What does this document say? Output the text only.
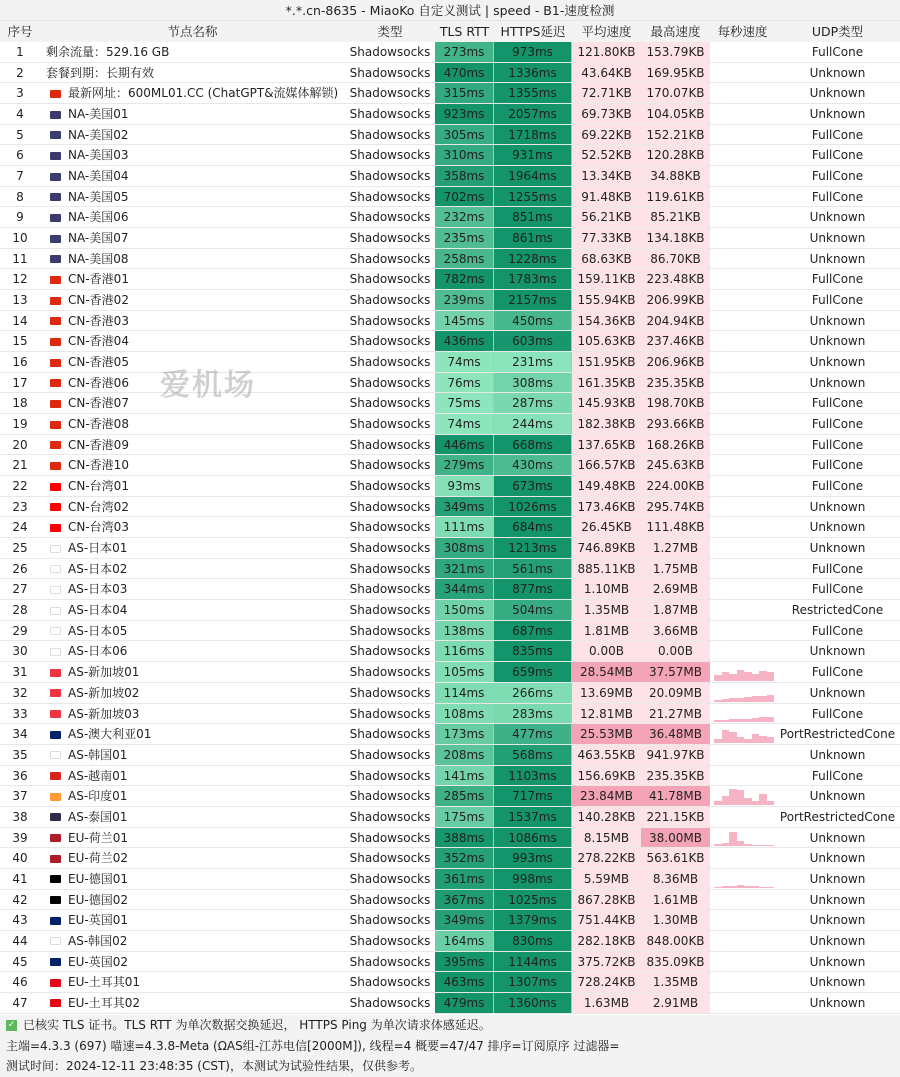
*.*.cn-8635 - MiaoKo 自定义测试 | speed - B1-速度检测
序号	节点名称	类型	TLS RTT HTTPS延迟	平均速度	最高速度	每秒速度	UDP类型
1	剩余流量：529.16 GB	Shadowsocks	273ms	973ms	121.80KB 153.79KB	FullCone
2	套餐到期：长期有效	Shadowsocks	470ms	1336ms	43.64KB	169.95KB	Unknown
3	最新网址：600ML01.CC (ChatGPT&流媒体解锁) Shadowsocks	315ms	1355ms	72.71KB	170.07KB	Unknown
4	NA-美国01	Shadowsocks	923ms	2057ms	69.73KB	104.05KB	Unknown
5	NA-美国02	Shadowsocks	305ms	1718ms	69.22KB	152.21KB	FullCone
6	NA-美国03	Shadowsocks	310ms	931ms	52.52KB	120.28KB	FullCone
7	NA-美国04	Shadowsocks	358ms	1964ms	13.34KB	34.88KB	FullCone
8	NA-美国05	Shadowsocks	702ms	1255ms	91.48KB	119.61KB	FullCone
9	NA-美国06	Shadowsocks	232ms	851ms	56.21KB	85.21KB	Unknown
10	NA-美国07	Shadowsocks	235ms	861ms	77.33KB	134.18KB	Unknown
11	NA-美国08	Shadowsocks	258ms	1228ms	68.63KB	86.70KB	Unknown
12	CN-香港01	Shadowsocks	782ms	1783ms	159.11KB 223.48KB	FullCone
13	CN-香港02	Shadowsocks	239ms	2157ms	155.94KB 206.99KB	FullCone
14	CN-香港03	Shadowsocks	145ms	450ms	154.36KB 204.94KB	Unknown
15	CN-香港04	Shadowsocks	436ms	603ms	105.63KB 237.46KB	Unknown
16	CN-香港05	Shadowsocks	74ms	231ms	151.95KB 206.96KB	Unknown
17	CN-香港06	Shadowsocks	76ms	308ms	161.35KB 235.35KB	Unknown
18	CN-香港07	Shadowsocks	75ms	287ms	145.93KB 198.70KB	FullCone
19	CN-香港08	Shadowsocks	74ms	244ms	182.38KB 293.66KB	FullCone
20	CN-香港09	Shadowsocks	446ms	668ms	137.65KB 168.26KB	FullCone
21	CN-香港10	Shadowsocks	279ms	430ms	166.57KB 245.63KB	FullCone
22	CN-台湾01	Shadowsocks	93ms	673ms	149.48KB 224.00KB	FullCone
23	CN-台湾02	Shadowsocks	349ms	1026ms	173.46KB 295.74KB	Unknown
24	CN-台湾03	Shadowsocks	111ms	684ms	26.45KB	111.48KB	Unknown
25	AS-日本01	Shadowsocks	308ms	1213ms	746.89KB	1.27MB	Unknown
26	AS-日本02	Shadowsocks	321ms	561ms	885.11KB	1.75MB	FullCone
27	AS-日本03	Shadowsocks	344ms	877ms	1.10MB	2.69MB	FullCone
28	AS-日本04	Shadowsocks	150ms	504ms	1.35MB	1.87MB	RestrictedCone
29	AS-日本05	Shadowsocks	138ms	687ms	1.81MB	3.66MB	FullCone
30	AS-日本06	Shadowsocks	116ms	835ms	0.00B	0.00B	Unknown
31	AS-新加坡01	Shadowsocks	105ms	659ms	28.54MB	37.57MB	FullCone
32	AS-新加坡02	Shadowsocks	114ms	266ms	13.69MB	20.09MB	Unknown
33	AS-新加坡03	Shadowsocks	108ms	283ms	12.81MB	21.27MB	FullCone
34	AS-澳大利亚01	Shadowsocks	173ms	477ms	25.53MB	36.48MB	PortRestrictedCone
35	AS-韩国01	Shadowsocks	208ms	568ms	463.55KB 941.97KB	Unknown
36	AS-越南01	Shadowsocks	141ms	1103ms	156.69KB 235.35KB	FullCone
37	AS-印度01	Shadowsocks	285ms	717ms	23.84MB	41.78MB	Unknown
38	AS-泰国01	Shadowsocks	175ms	1537ms	140.28KB 221.15KB	PortRestrictedCone
39	EU-荷兰01	Shadowsocks	388ms	1086ms	8.15MB	38.00MB	Unknown
40	EU-荷兰02	Shadowsocks	352ms	993ms	278.22KB 563.61KB	Unknown
41	EU-德国01	Shadowsocks	361ms	998ms	5.59MB	8.36MB	Unknown
42	EU-德国02	Shadowsocks	367ms	1025ms	867.28KB	1.61MB	Unknown
43	EU-英国01	Shadowsocks	349ms	1379ms	751.44KB	1.30MB	Unknown
44	AS-韩国02	Shadowsocks	164ms	830ms	282.18KB 848.00KB	Unknown
45	EU-英国02	Shadowsocks	395ms	1144ms	375.72KB 835.09KB	Unknown
46	EU-土耳其01	Shadowsocks	463ms	1307ms	728.24KB	1.35MB	Unknown
47	EU-土耳其02	Shadowsocks	479ms	1360ms	1.63MB	2.91MB	Unknown
爱机场
✓ 已核实 TLS 证书。TLS RTT 为单次数据交换延迟， HTTPS Ping 为单次请求体感延迟。
主端=4.3.3 (697) 喵速=4.3.8-Meta (ΩAS组-江苏电信[2000M]), 线程=4 概要=47/47 排序=订阅原序 过滤器=
测试时间：2024-12-11 23:48:35 (CST)，本测试为试验性结果，仅供参考。
